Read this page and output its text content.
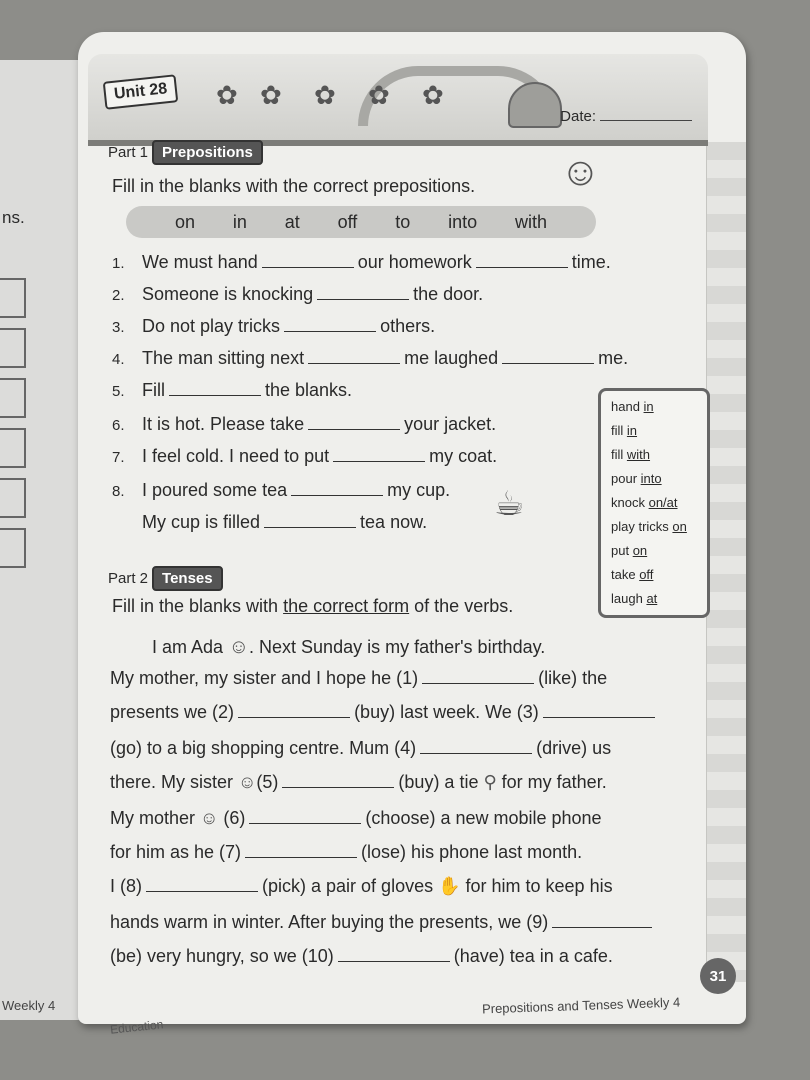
ns.
Weekly 4
Unit 28	✿ ✿ ✿ ✿ ✿
Date:
Part 1 Prepositions
Fill in the blanks with the correct prepositions.
on in at off to into with
☺
1. We must hand	our homework	time.
2. Someone is knocking	the door.
3. Do not play tricks	others.
4. The man sitting next	me laughed	me.
5. Fill	the blanks.
6. It is hot. Please take	your jacket.
7. I feel cold. I need to put	my coat.
8. I poured some tea	my cup.
My cup is filled	tea now. ☕
hand in
fill in
fill with
pour into
knock on/at
play tricks on
put on
take off
laugh at
Part 2 Tenses
Fill in the blanks with the correct form of the verbs.
I am Ada ☺. Next Sunday is my father's birthday.
My mother, my sister and I hope he (1)	(like) the
presents we (2)	(buy) last week. We (3)
(go) to a big shopping centre. Mum (4)	(drive) us
there. My sister ☺(5)	(buy) a tie ⚲ for my father.
My mother ☺ (6)	(choose) a new mobile phone
for him as he (7)	(lose) his phone last month.
I (8)	(pick) a pair of gloves ✋ for him to keep his
hands warm in winter. After buying the presents, we (9)
(be) very hungry, so we (10)	(have) tea in a cafe.
31
Prepositions and Tenses Weekly 4
Education
